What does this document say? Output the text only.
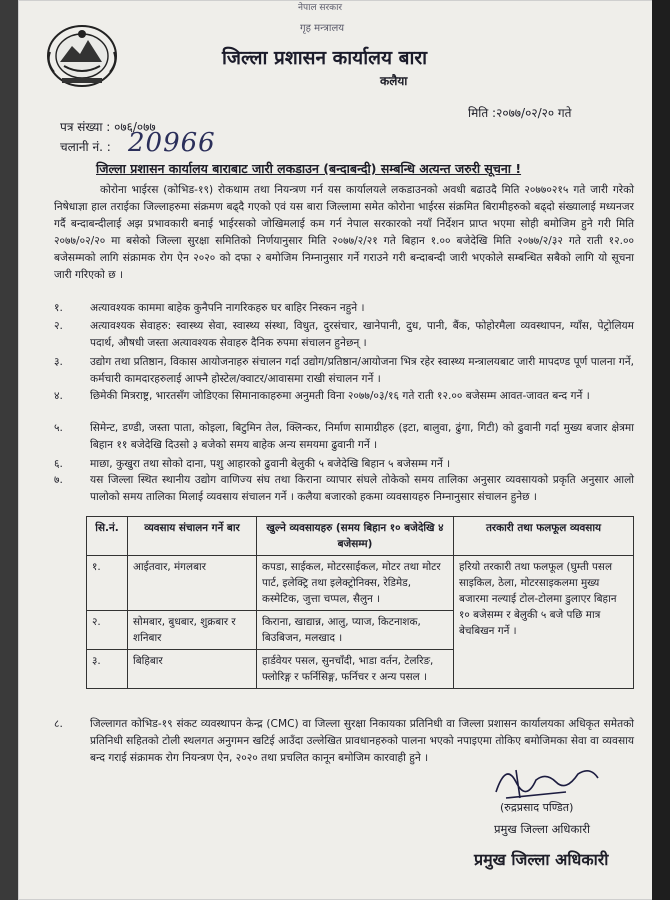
नेपाल सरकार
गृह मन्त्रालय
जिल्ला प्रशासन कार्यालय बारा
कलैया
मिति :२०७७/०२/२० गते
पत्र संख्या : ०७६/०७७
चलानी नं. : 20966
जिल्ला प्रशासन कार्यालय बाराबाट जारी लकडाउन (बन्दाबन्दी) सम्बन्धि अत्यन्त जरुरी सूचना !
कोरोना भाईरस (कोभिड-१९) रोकथाम तथा नियन्त्रण गर्न यस कार्यालयले लकडाउनको अवधी बढाउदै मिति २०७७०२१५ गते जारी गरेको निषेधाज्ञा हाल तराईका जिल्लाहरुमा संक्रमण बढ्दै गएको एवं यस बारा जिल्लामा समेत कोरोना भाईरस संक्रमित बिरामीहरुको बढ्दो संख्यालाई मध्यनजर गर्दै बन्दाबन्दीलाई अझ प्रभावकारी बनाई भाईरसको जोखिमलाई कम गर्न नेपाल सरकारको नयाँ निर्देशन प्राप्त भएमा सोही बमोजिम हुने गरी मिति २०७७/०२/२० मा बसेको जिल्ला सुरक्षा समितिको निर्णयानुसार मिति २०७७/२/२१ गते बिहान १.०० बजेदेखि मिति २०७७/२/३२ गते राती १२.०० बजेसम्मको लागि संक्रामक रोग ऐन २०२० को दफा २ बमोजिम निम्नानुसार गर्ने गराउने गरी बन्दाबन्दी जारी भएकोले सम्बन्धित सबैको लागि यो सूचना जारी गरिएको छ ।
१.	अत्यावश्यक काममा बाहेक कुनैपनि नागरिकहरु घर बाहिर निस्कन नहुने ।
२.	अत्यावश्यक सेवाहरु: स्वास्थ्य सेवा, स्वास्थ्य संस्था, विधुत, दुरसंचार, खानेपानी, दुध, पानी, बैंक, फोहोरमैला व्यवस्थापन, ग्याँस, पेट्रोलियम पदार्थ, औषधी जस्ता अत्यावश्यक सेवाहरु दैनिक रुपमा संचालन हुनेछन् ।
३.	उद्योग तथा प्रतिष्ठान, विकास आयोजनाहरु संचालन गर्दा उद्योग/प्रतिष्ठान/आयोजना भित्र रहेर स्वास्थ्य मन्त्रालयबाट जारी मापदण्ड पूर्ण पालना गर्ने, कर्मचारी कामदारहरुलाई आफ्नै होस्टेल/क्वाटर/आवासमा राखी संचालन गर्ने ।
४.	छिमेकी मित्रराष्ट्र, भारतसँग जोडिएका सिमानाकाहरुमा अनुमती विना २०७७/०३/१६ गते राती १२.०० बजेसम्म आवत-जावत बन्द गर्ने ।
५.	सिमेन्ट, डण्डी, जस्ता पाता, कोइला, बिटुमिन तेल, क्लिन्कर, निर्माण सामाग्रीहरु (इटा, बालुवा, ढुंगा, गिटी) को ढुवानी गर्दा मुख्य बजार क्षेत्रमा बिहान ११ बजेदेखि दिउसो ३ बजेको समय बाहेक अन्य समयमा ढुवानी गर्ने ।
६.	माछा, कुखुरा तथा सोको दाना, पशु आहारको ढुवानी बेलुकी ५ बजेदेखि बिहान ५ बजेसम्म गर्ने ।
७.	यस जिल्ला स्थित स्थानीय उद्योग वाणिज्य संघ तथा किराना व्यापार संघले तोकेको समय तालिका अनुसार व्यवसायको प्रकृति अनुसार आलो पालोको समय तालिका मिलाई व्यवसाय संचालन गर्ने । कलैया बजारको हकमा व्यवसायहरु निम्नानुसार संचालन हुनेछ ।
सि.नं.	व्यवसाय संचालन गर्ने बार	खुल्ने व्यवसायहरु (समय बिहान १० बजेदेखि ४ बजेसम्म)	तरकारी तथा फलफूल व्यवसाय
१.	आईतवार, मंगलबार	कपडा, साईकल, मोटरसाईकल, मोटर तथा मोटर पार्ट, इलेक्ट्रि तथा इलेक्ट्रोनिक्स, रेडिमेड, कस्मेटिक, जुत्ता चप्पल, सैलुन ।	हरियो तरकारी तथा फलफूल (घुम्ती पसल साइकिल, ठेला, मोटरसाइकलमा मुख्य बजारमा नल्याई टोल-टोलमा डुलाएर बिहान १० बजेसम्म र बेलुकी ५ बजे पछि मात्र बेचबिखन गर्ने ।
२.	सोमबार, बुधबार, शुक्रबार र शनिबार	किराना, खाद्यान्न, आलु, प्याज, किटनाशक, बिउबिजन, मलखाद ।	
३.	बिहिबार	हार्डवेयर पसल, सुनचाँदी, भाडा वर्तन, टेलरिङ, फ्लोरिङ्ग र फर्निसिङ्ग, फर्निचर र अन्य पसल ।	
८.	जिल्लागत कोभिड-१९ संकट व्यवस्थापन केन्द्र (CMC) वा जिल्ला सुरक्षा निकायका प्रतिनिधी वा जिल्ला प्रशासन कार्यालयका अधिकृत समेतको प्रतिनिधी सहितको टोली स्थलगत अनुगमन खटिई आउँदा उल्लेखित प्रावधानहरुको पालना भएको नपाइएमा तोकिए बमोजिमका सेवा वा व्यवसाय बन्द गराई संक्रामक रोग नियन्त्रण ऐन, २०२० तथा प्रचलित कानून बमोजिम कारवाही हुने ।
(रुद्रप्रसाद पण्डित)
प्रमुख जिल्ला अधिकारी
प्रमुख जिल्ला अधिकारी
